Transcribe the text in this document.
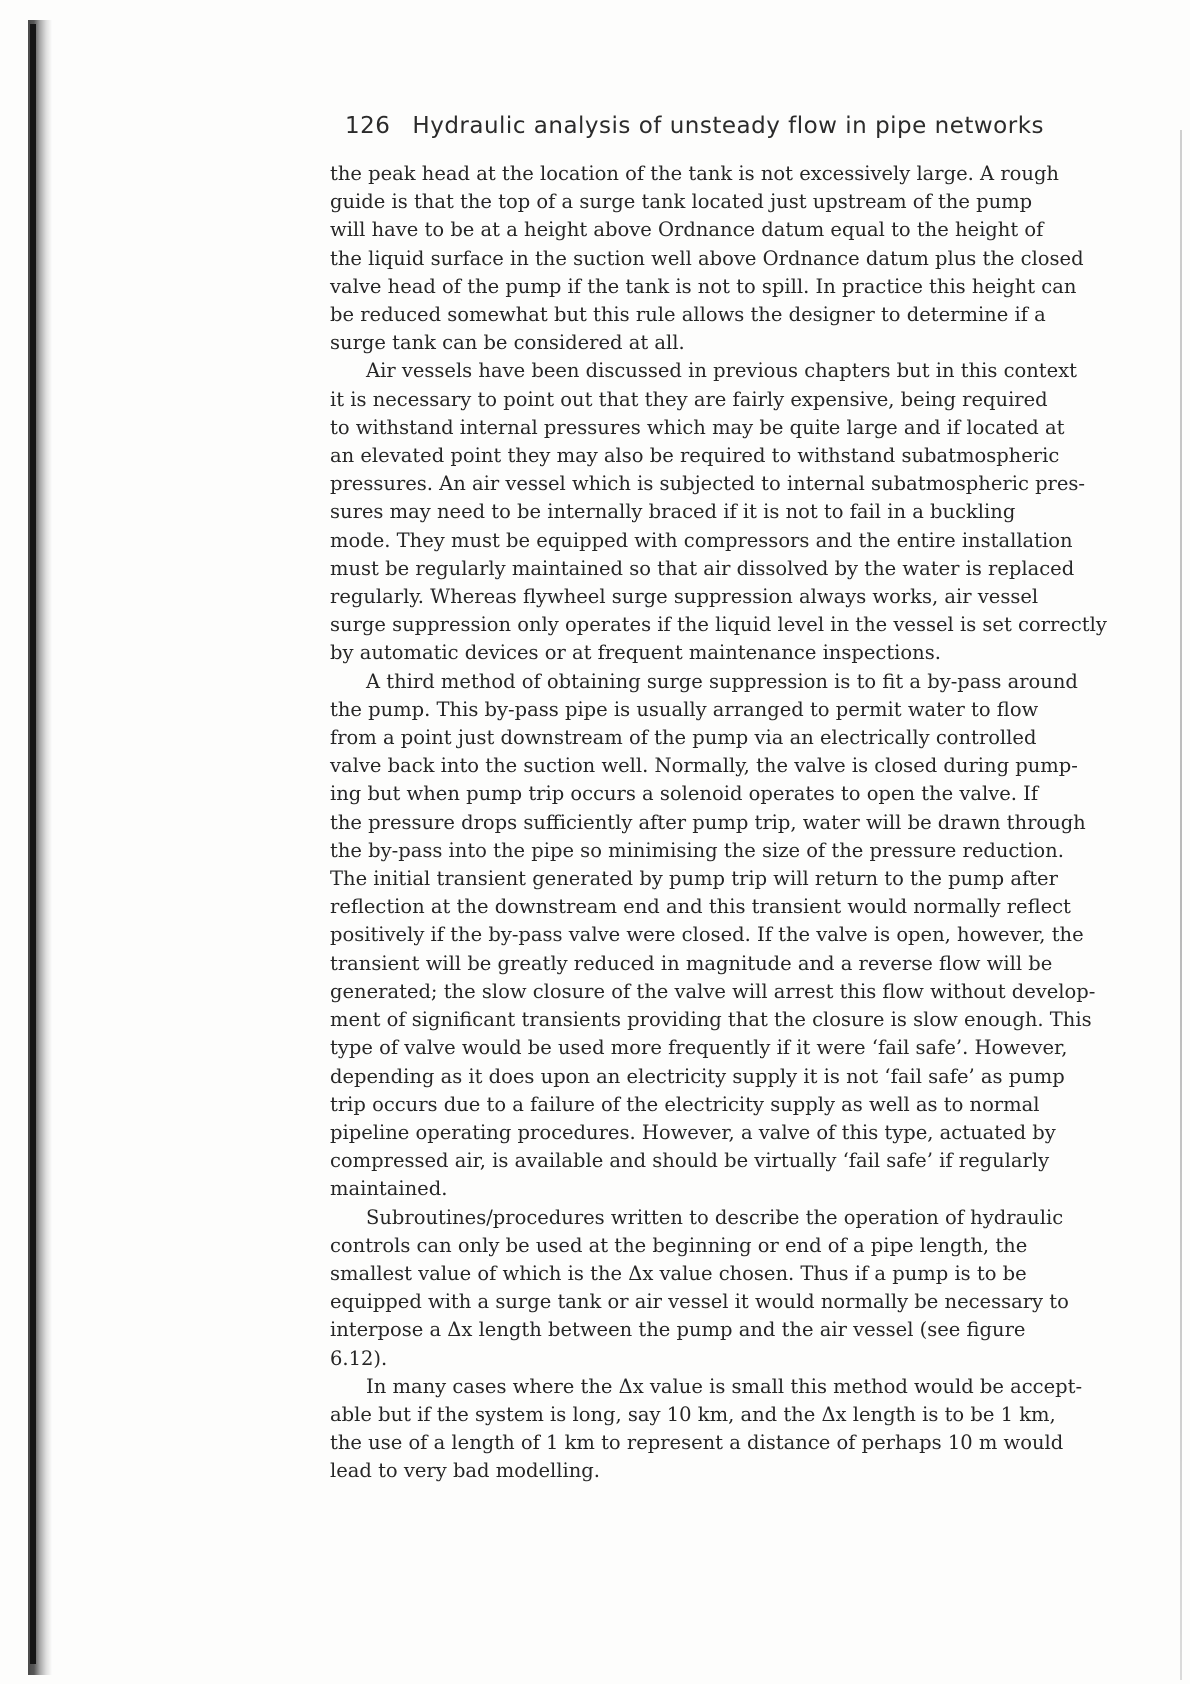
126 Hydraulic analysis of unsteady flow in pipe networks
the peak head at the location of the tank is not excessively large. A rough
guide is that the top of a surge tank located just upstream of the pump
will have to be at a height above Ordnance datum equal to the height of
the liquid surface in the suction well above Ordnance datum plus the closed
valve head of the pump if the tank is not to spill. In practice this height can
be reduced somewhat but this rule allows the designer to determine if a
surge tank can be considered at all.
Air vessels have been discussed in previous chapters but in this context
it is necessary to point out that they are fairly expensive, being required
to withstand internal pressures which may be quite large and if located at
an elevated point they may also be required to withstand subatmospheric
pressures. An air vessel which is subjected to internal subatmospheric pres-
sures may need to be internally braced if it is not to fail in a buckling
mode. They must be equipped with compressors and the entire installation
must be regularly maintained so that air dissolved by the water is replaced
regularly. Whereas flywheel surge suppression always works, air vessel
surge suppression only operates if the liquid level in the vessel is set correctly
by automatic devices or at frequent maintenance inspections.
A third method of obtaining surge suppression is to fit a by-pass around
the pump. This by-pass pipe is usually arranged to permit water to flow
from a point just downstream of the pump via an electrically controlled
valve back into the suction well. Normally, the valve is closed during pump-
ing but when pump trip occurs a solenoid operates to open the valve. If
the pressure drops sufficiently after pump trip, water will be drawn through
the by-pass into the pipe so minimising the size of the pressure reduction.
The initial transient generated by pump trip will return to the pump after
reflection at the downstream end and this transient would normally reflect
positively if the by-pass valve were closed. If the valve is open, however, the
transient will be greatly reduced in magnitude and a reverse flow will be
generated; the slow closure of the valve will arrest this flow without develop-
ment of significant transients providing that the closure is slow enough. This
type of valve would be used more frequently if it were ‘fail safe’. However,
depending as it does upon an electricity supply it is not ‘fail safe’ as pump
trip occurs due to a failure of the electricity supply as well as to normal
pipeline operating procedures. However, a valve of this type, actuated by
compressed air, is available and should be virtually ‘fail safe’ if regularly
maintained.
Subroutines/procedures written to describe the operation of hydraulic
controls can only be used at the beginning or end of a pipe length, the
smallest value of which is the Δx value chosen. Thus if a pump is to be
equipped with a surge tank or air vessel it would normally be necessary to
interpose a Δx length between the pump and the air vessel (see figure
6.12).
In many cases where the Δx value is small this method would be accept-
able but if the system is long, say 10 km, and the Δx length is to be 1 km,
the use of a length of 1 km to represent a distance of perhaps 10 m would
lead to very bad modelling.
